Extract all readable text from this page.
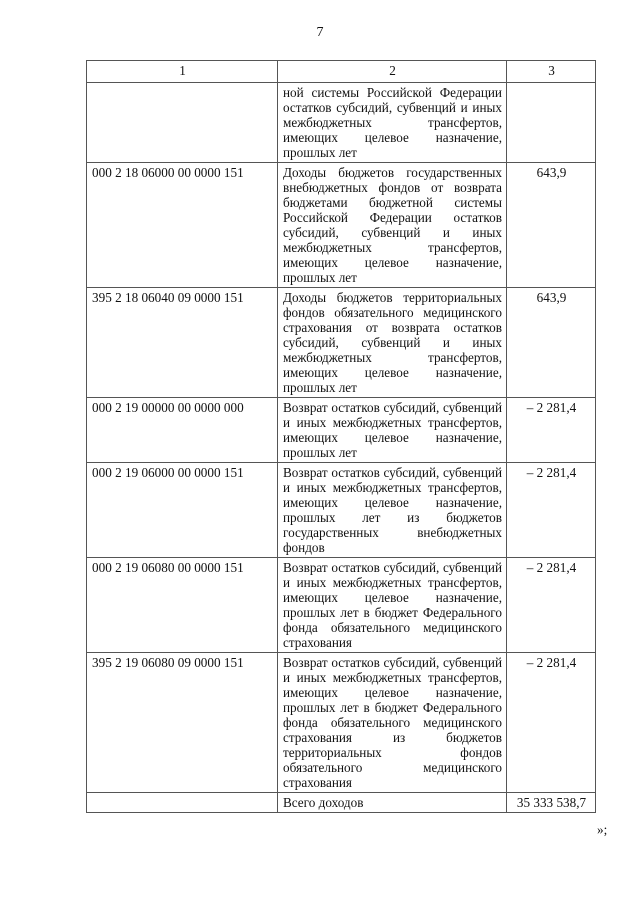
7
1	2	3
	ной системы Российской Федерации остатков субсидий, субвенций и иных межбюджетных трансфертов, имеющих целевое назначение, прошлых лет	
000 2 18 06000 00 0000 151	Доходы бюджетов государственных внебюджетных фондов от возврата бюджетами бюджетной системы Российской Федерации остатков субсидий, субвенций и иных межбюджетных трансфертов, имеющих целевое назначение, прошлых лет	643,9
395 2 18 06040 09 0000 151	Доходы бюджетов территориальных фондов обязательного медицинского страхования от возврата остатков субсидий, субвенций и иных межбюджетных трансфертов, имеющих целевое назначение, прошлых лет	643,9
000 2 19 00000 00 0000 000	Возврат остатков субсидий, субвенций и иных межбюджетных трансфертов, имеющих целевое назначение, прошлых лет	– 2 281,4
000 2 19 06000 00 0000 151	Возврат остатков субсидий, субвенций и иных межбюджетных трансфертов, имеющих целевое назначение, прошлых лет из бюджетов государственных внебюджетных фондов	– 2 281,4
000 2 19 06080 00 0000 151	Возврат остатков субсидий, субвенций и иных межбюджетных трансфертов, имеющих целевое назначение, прошлых лет в бюджет Федерального фонда обязательного медицинского страхования	– 2 281,4
395 2 19 06080 09 0000 151	Возврат остатков субсидий, субвенций и иных межбюджетных трансфертов, имеющих целевое назначение, прошлых лет в бюджет Федерального фонда обязательного медицинского страхования из бюджетов территориальных фондов обязательного медицинского страхования	– 2 281,4
	Всего доходов	35 333 538,7
»;
